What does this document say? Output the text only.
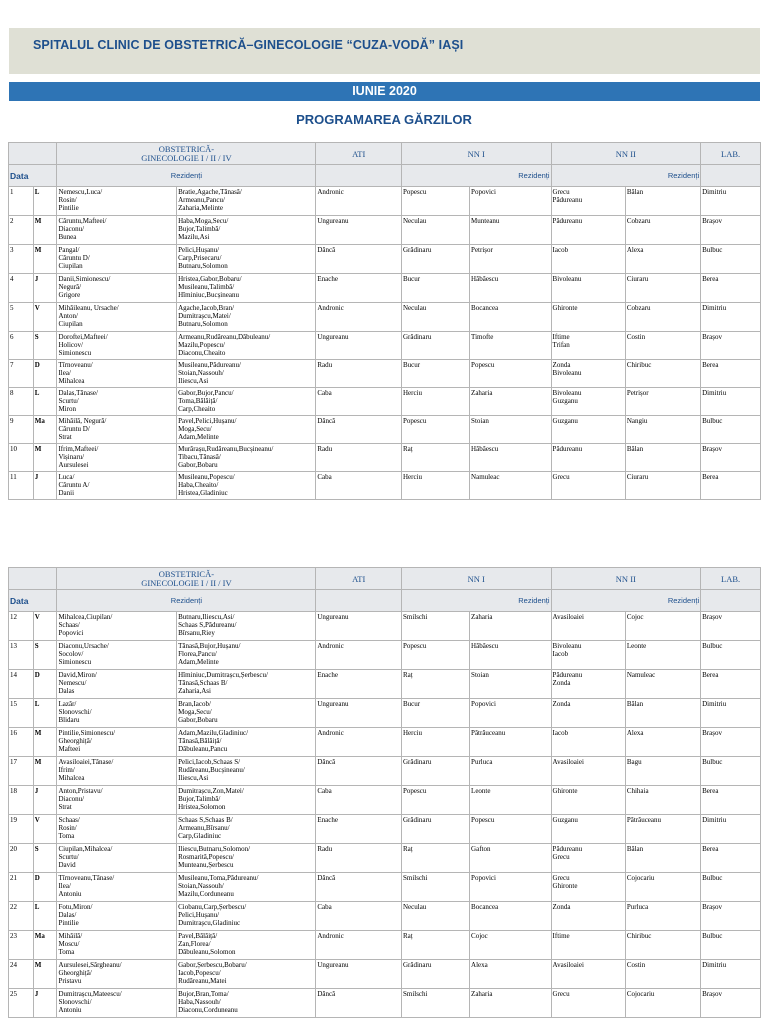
SPITALUL CLINIC DE OBSTETRICĂ–GINECOLOGIE “CUZA-VODĂ” IAȘI
IUNIE 2020
PROGRAMAREA GĂRZILOR

		OBSTETRICĂ-
GINECOLOGIE I / II / IV		ATI	NN I		NN II		LAB.
Data		Rezidenți			Rezidenți		Rezidenți		
1	L	Nemescu,Luca/
Rosin/
Pintilie	Bratie,Agache,Tănasă/
Armeanu,Pancu/
Zaharia,Melinte	Andronic	Popescu	Popovici	Grecu
Pădureanu	Bălan	Dimitriu
2	M	Căruntu,Mafteei/
Diaconu/
Bunea	Haba,Moga,Secu/
Bujor,Talimbă/
Mazilu,Asi	Ungureanu	Neculau	Munteanu	Pădureanu	Cobzaru	Brașov
3	M	Pangal/
Căruntu D/
Ciupilan	Pelici,Hușanu/
Carp,Prisecaru/
Butnaru,Solomon	Dăncă	Grădinaru	Petrișor	Iacob	Alexa	Bulbuc
4	J	Danii,Simionescu/
Negură/
Grigore	Hristea,Gabor,Bobaru/
Musileanu,Talimbă/
Hîminiuc,Bucșineanu	Enache	Bucur	Hăbăescu	Bivoleanu	Ciuraru	Berea
5	V	Mihăileanu, Ursache/
Anton/
Ciupilan	Agache,Iacob,Bran/
Dumitrașcu,Matei/
Butnaru,Solomon	Andronic	Neculau	Bocancea	Ghironte	Cobzaru	Dimitriu
6	S	Doroftei,Mafteei/
Holicov/
Simionescu	Armeanu,Rudăreanu,Dăbuleanu/
Mazilu,Popescu/
Diaconu,Cheaito	Ungureanu	Grădinaru	Timofte	Iftime
Trifan	Costin	Brașov
7	D	Tîrnoveanu/
Ilea/
Mihalcea	Musileanu,Pădureanu/
Stoian,Nassouh/
Iliescu,Asi	Radu	Bucur	Popescu	Zonda
Bivoleanu	Chiribuc	Berea
8	L	Dalas,Tănase/
Scurtu/
Miron	Gabor,Bujor,Pancu/
Toma,Bălăiță/
Carp,Cheaito	Caba	Herciu	Zaharia	Bivoleanu
Guzganu	Petrișor	Dimitriu
9	Ma	Mihăilă, Negură/
Căruntu D/
Strat	Pavel,Pelici,Hușanu/
Moga,Secu/
Adam,Melinte	Dăncă	Popescu	Stoian	Guzganu	Nangiu	Bulbuc
10	M	Ifrim,Mafteei/
Vișinaru/
Aursulesei	Murărașu,Rudăreanu,Bucșineanu/
Tibacu,Tănasă/
Gabor,Bobaru	Radu	Raț	Hăbăescu	Pădureanu	Bălan	Brașov
11	J	Luca/
Căruntu A/
Danii	Musileanu,Popescu/
Haba,Cheaito/
Hristea,Gladiniuc	Caba	Herciu	Namuleac	Grecu	Ciuraru	Berea

		OBSTETRICĂ-
GINECOLOGIE I / II / IV		ATI	NN I		NN II		LAB.
Data		Rezidenți			Rezidenți		Rezidenți		
12	V	Mihalcea,Ciupilan/
Schaas/
Popovici	Butnaru,Iliescu,Asi/
Schaas S,Pădureanu/
Bîrsanu,Riey	Ungureanu	Smilschi	Zaharia	Avasiloaiei	Cojoc	Brașov
13	S	Diaconu,Ursache/
Socolov/
Simionescu	Tănasă,Bujor,Hușanu/
Florea,Pancu/
Adam,Melinte	Andronic	Popescu	Hăbăescu	Bivoleanu
Iacob	Leonte	Bulbuc
14	D	David,Miron/
Nemescu/
Dalas	Hîminiuc,Dumitrașcu,Șerbescu/
Tănasă,Schaas B/
Zaharia,Asi	Enache	Raț	Stoian	Pădureanu
Zonda	Namuleac	Berea
15	L	Lazăr/
Slonovschi/
Blidaru	Bran,Iacob/
Moga,Secu/
Gabor,Bobaru	Ungureanu	Bucur	Popovici	Zonda	Bălan	Dimitriu
16	M	Pintilie,Simionescu/
Gheorghiță/
Mafteei	Adam,Mazilu,Gladiniuc/
Tănasă,Bălăiță/
Dăbuleanu,Pancu	Andronic	Herciu	Pătrăuceanu	Iacob	Alexa	Brașov
17	M	Avasiloaiei,Tănase/
Ifrim/
Mihalcea	Pelici,Iacob,Schaas S/
Rudăreanu,Bucșineanu/
Iliescu,Asi	Dăncă	Grădinaru	Purluca	Avasiloaiei	Bagu	Bulbuc
18	J	Anton,Pristavu/
Diaconu/
Strat	Dumitrașcu,Zon,Matei/
Bujor,Talimbă/
Hristea,Solomon	Caba	Popescu	Leonte	Ghironte	Chihaia	Berea
19	V	Schaas/
Rosin/
Toma	Schaas S,Schaas B/
Armeanu,Bîrsanu/
Carp,Gladiniuc	Enache	Grădinaru	Popescu	Guzganu	Pătrăuceanu	Dimitriu
20	S	Ciupilan,Mihalcea/
Scurtu/
David	Iliescu,Butnaru,Solomon/
Rosmarită,Popescu/
Munteanu,Șerbescu	Radu	Raț	Gafton	Pădureanu
Grecu	Bălan	Berea
21	D	Tîrnoveanu,Tănase/
Ilea/
Antoniu	Musileanu,Toma,Pădureanu/
Stoian,Nassouh/
Mazilu,Corduneanu	Dăncă	Smilschi	Popovici	Grecu
Ghironte	Cojocariu	Bulbuc
22	L	Fotu,Miron/
Dalas/
Pintilie	Ciobanu,Carp,Șerbescu/
Pelici,Hușanu/
Dumitrașcu,Gladiniuc	Caba	Neculau	Bocancea	Zonda	Purluca	Brașov
23	Ma	Mihăilă/
Moscu/
Toma	Pavel,Bălăiță/
Zan,Florea/
Dăbuleanu,Solomon	Andronic	Raț	Cojoc	Iftime	Chiribuc	Bulbuc
24	M	Aursulesei,Sârgheanu/
Gheorghiță/
Pristavu	Gabor,Șerbescu,Bobaru/
Iacob,Popescu/
Rudăreanu,Matei	Ungureanu	Grădinaru	Alexa	Avasiloaiei	Costin	Dimitriu
25	J	Dumitrașcu,Mateescu/
Slonovschi/
Antoniu	Bujor,Bran,Toma/
Haba,Nassouh/
Diaconu,Corduneanu	Dăncă	Smilschi	Zaharia	Grecu	Cojocariu	Brașov
